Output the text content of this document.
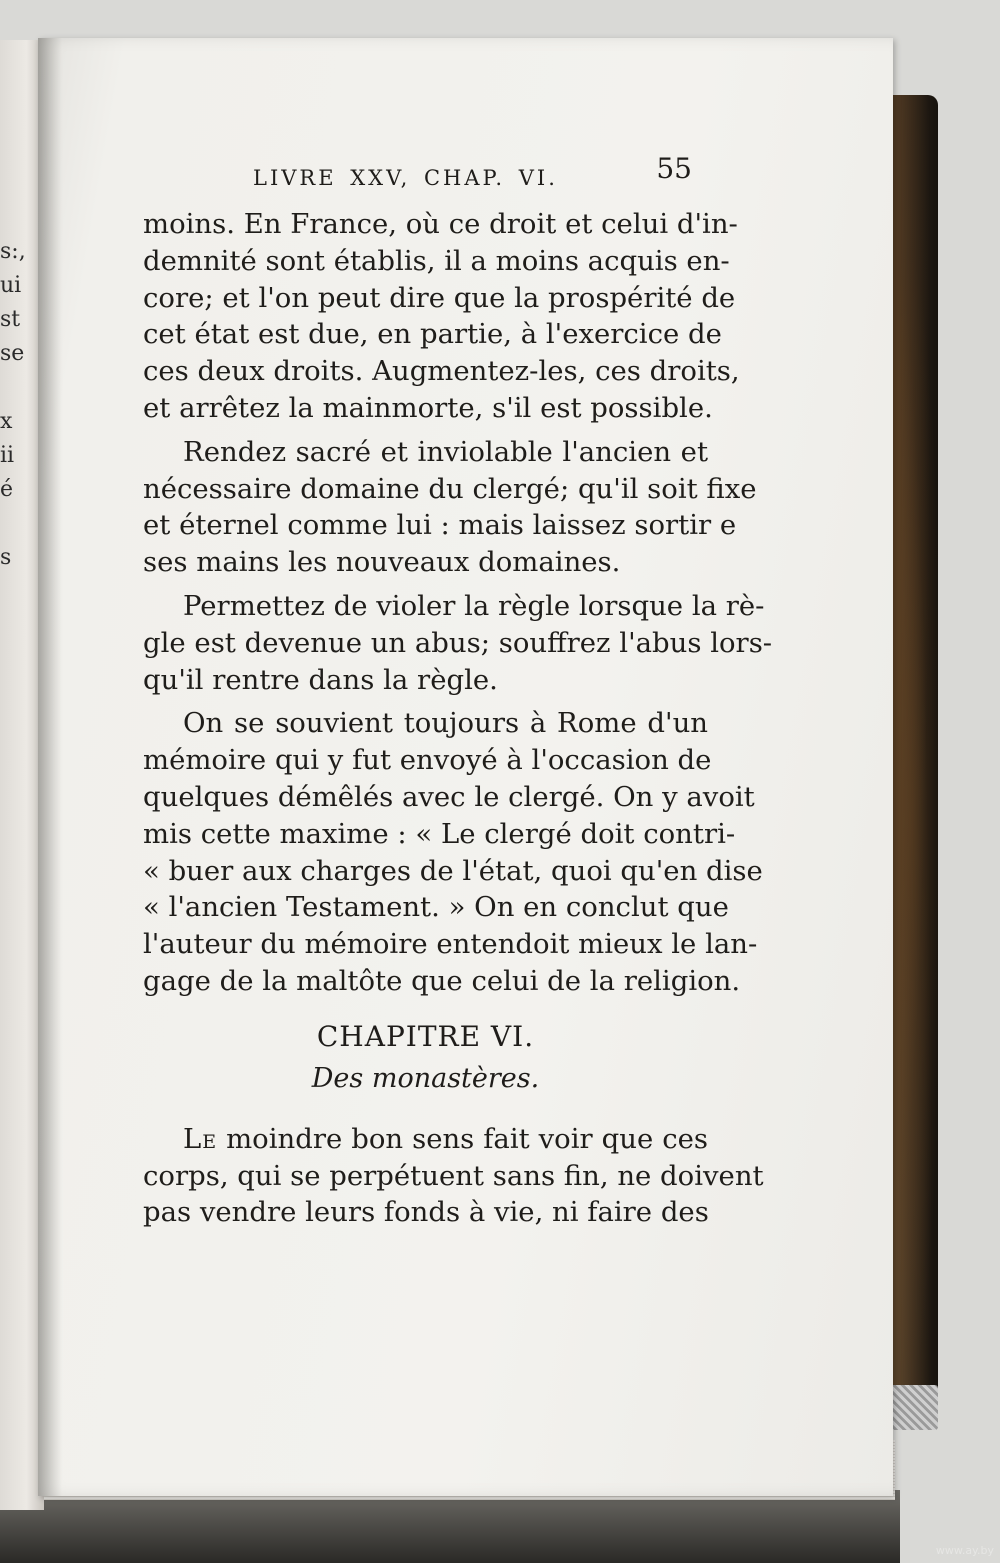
s:,
ui
st
se
x
ii
é
s
LIVRE XXV, CHAP. VI.	55
moins. En France, où ce droit et celui d'in-
demnité sont établis, il a moins acquis en-
core; et l'on peut dire que la prospérité de
cet état est due, en partie, à l'exercice de
ces deux droits. Augmentez-les, ces droits,
et arrêtez la mainmorte, s'il est possible.
Rendez sacré et inviolable l'ancien et
nécessaire domaine du clergé; qu'il soit fixe
et éternel comme lui : mais laissez sortir e
ses mains les nouveaux domaines.
Permettez de violer la règle lorsque la rè-
gle est devenue un abus; souffrez l'abus lors-
qu'il rentre dans la règle.
On se souvient toujours à Rome d'un
mémoire qui y fut envoyé à l'occasion de
quelques démêlés avec le clergé. On y avoit
mis cette maxime : « Le clergé doit contri-
« buer aux charges de l'état, quoi qu'en dise
« l'ancien Testament. » On en conclut que
l'auteur du mémoire entendoit mieux le lan-
gage de la maltôte que celui de la religion.
CHAPITRE VI.
Des monastères.
Le moindre bon sens fait voir que ces
corps, qui se perpétuent sans fin, ne doivent
pas vendre leurs fonds à vie, ni faire des
www.ay.by
